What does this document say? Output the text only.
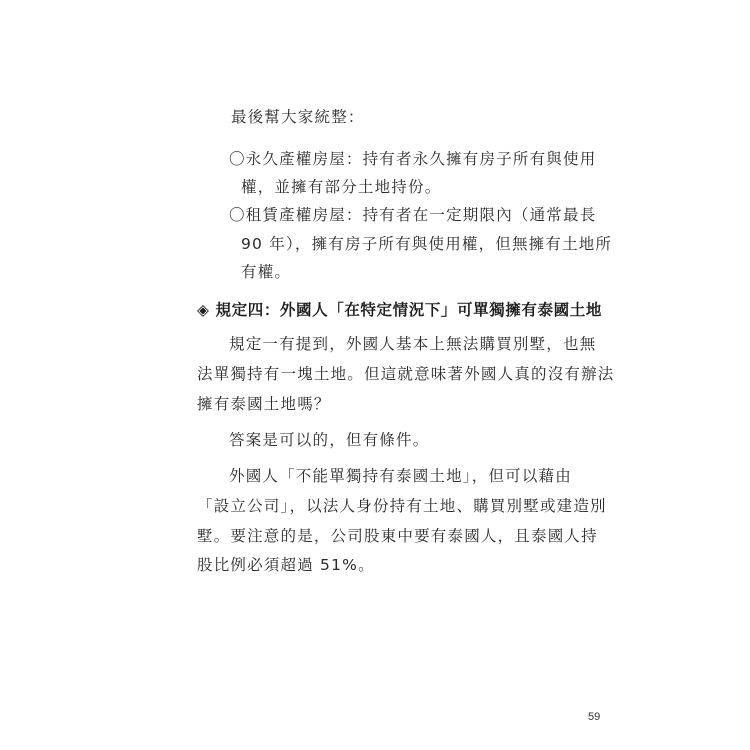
最後幫大家統整：
〇永久產權房屋：持有者永久擁有房子所有與使用
權，並擁有部分土地持份。
〇租賃產權房屋：持有者在一定期限內（通常最長
90 年），擁有房子所有與使用權，但無擁有土地所
有權。
◈ 規定四：外國人「在特定情況下」可單獨擁有泰國土地
規定一有提到，外國人基本上無法購買別墅，也無
法單獨持有一塊土地。但這就意味著外國人真的沒有辦法
擁有泰國土地嗎？
答案是可以的，但有條件。
外國人「不能單獨持有泰國土地」，但可以藉由
「設立公司」，以法人身份持有土地、購買別墅或建造別
墅。要注意的是，公司股東中要有泰國人，且泰國人持
股比例必須超過 51%。
59
